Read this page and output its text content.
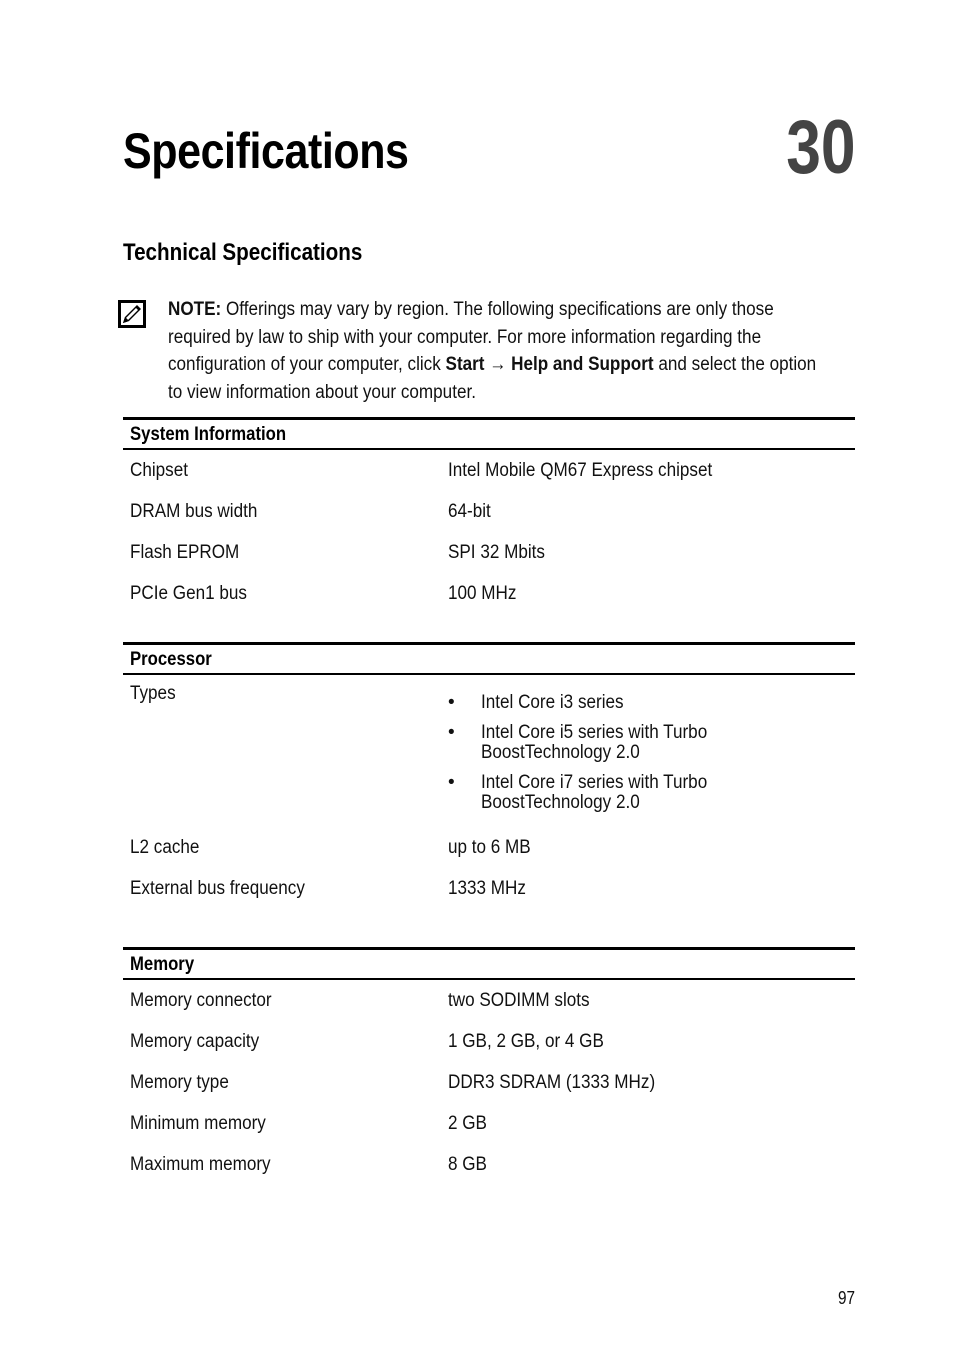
Specifications	30
Technical Specifications
NOTE: Offerings may vary by region. The following specifications are only those required by law to ship with your computer. For more information regarding the configuration of your computer, click Start → Help and Support and select the option to view information about your computer.
System Information
Chipset	Intel Mobile QM67 Express chipset
DRAM bus width	64-bit
Flash EPROM	SPI 32 Mbits
PCIe Gen1 bus	100 MHz
Processor
Types	• Intel Core i3 series
• Intel Core i5 series with Turbo BoostTechnology 2.0
• Intel Core i7 series with Turbo BoostTechnology 2.0
L2 cache	up to 6 MB
External bus frequency	1333 MHz
Memory
Memory connector	two SODIMM slots
Memory capacity	1 GB, 2 GB, or 4 GB
Memory type	DDR3 SDRAM (1333 MHz)
Minimum memory	2 GB
Maximum memory	8 GB
97
